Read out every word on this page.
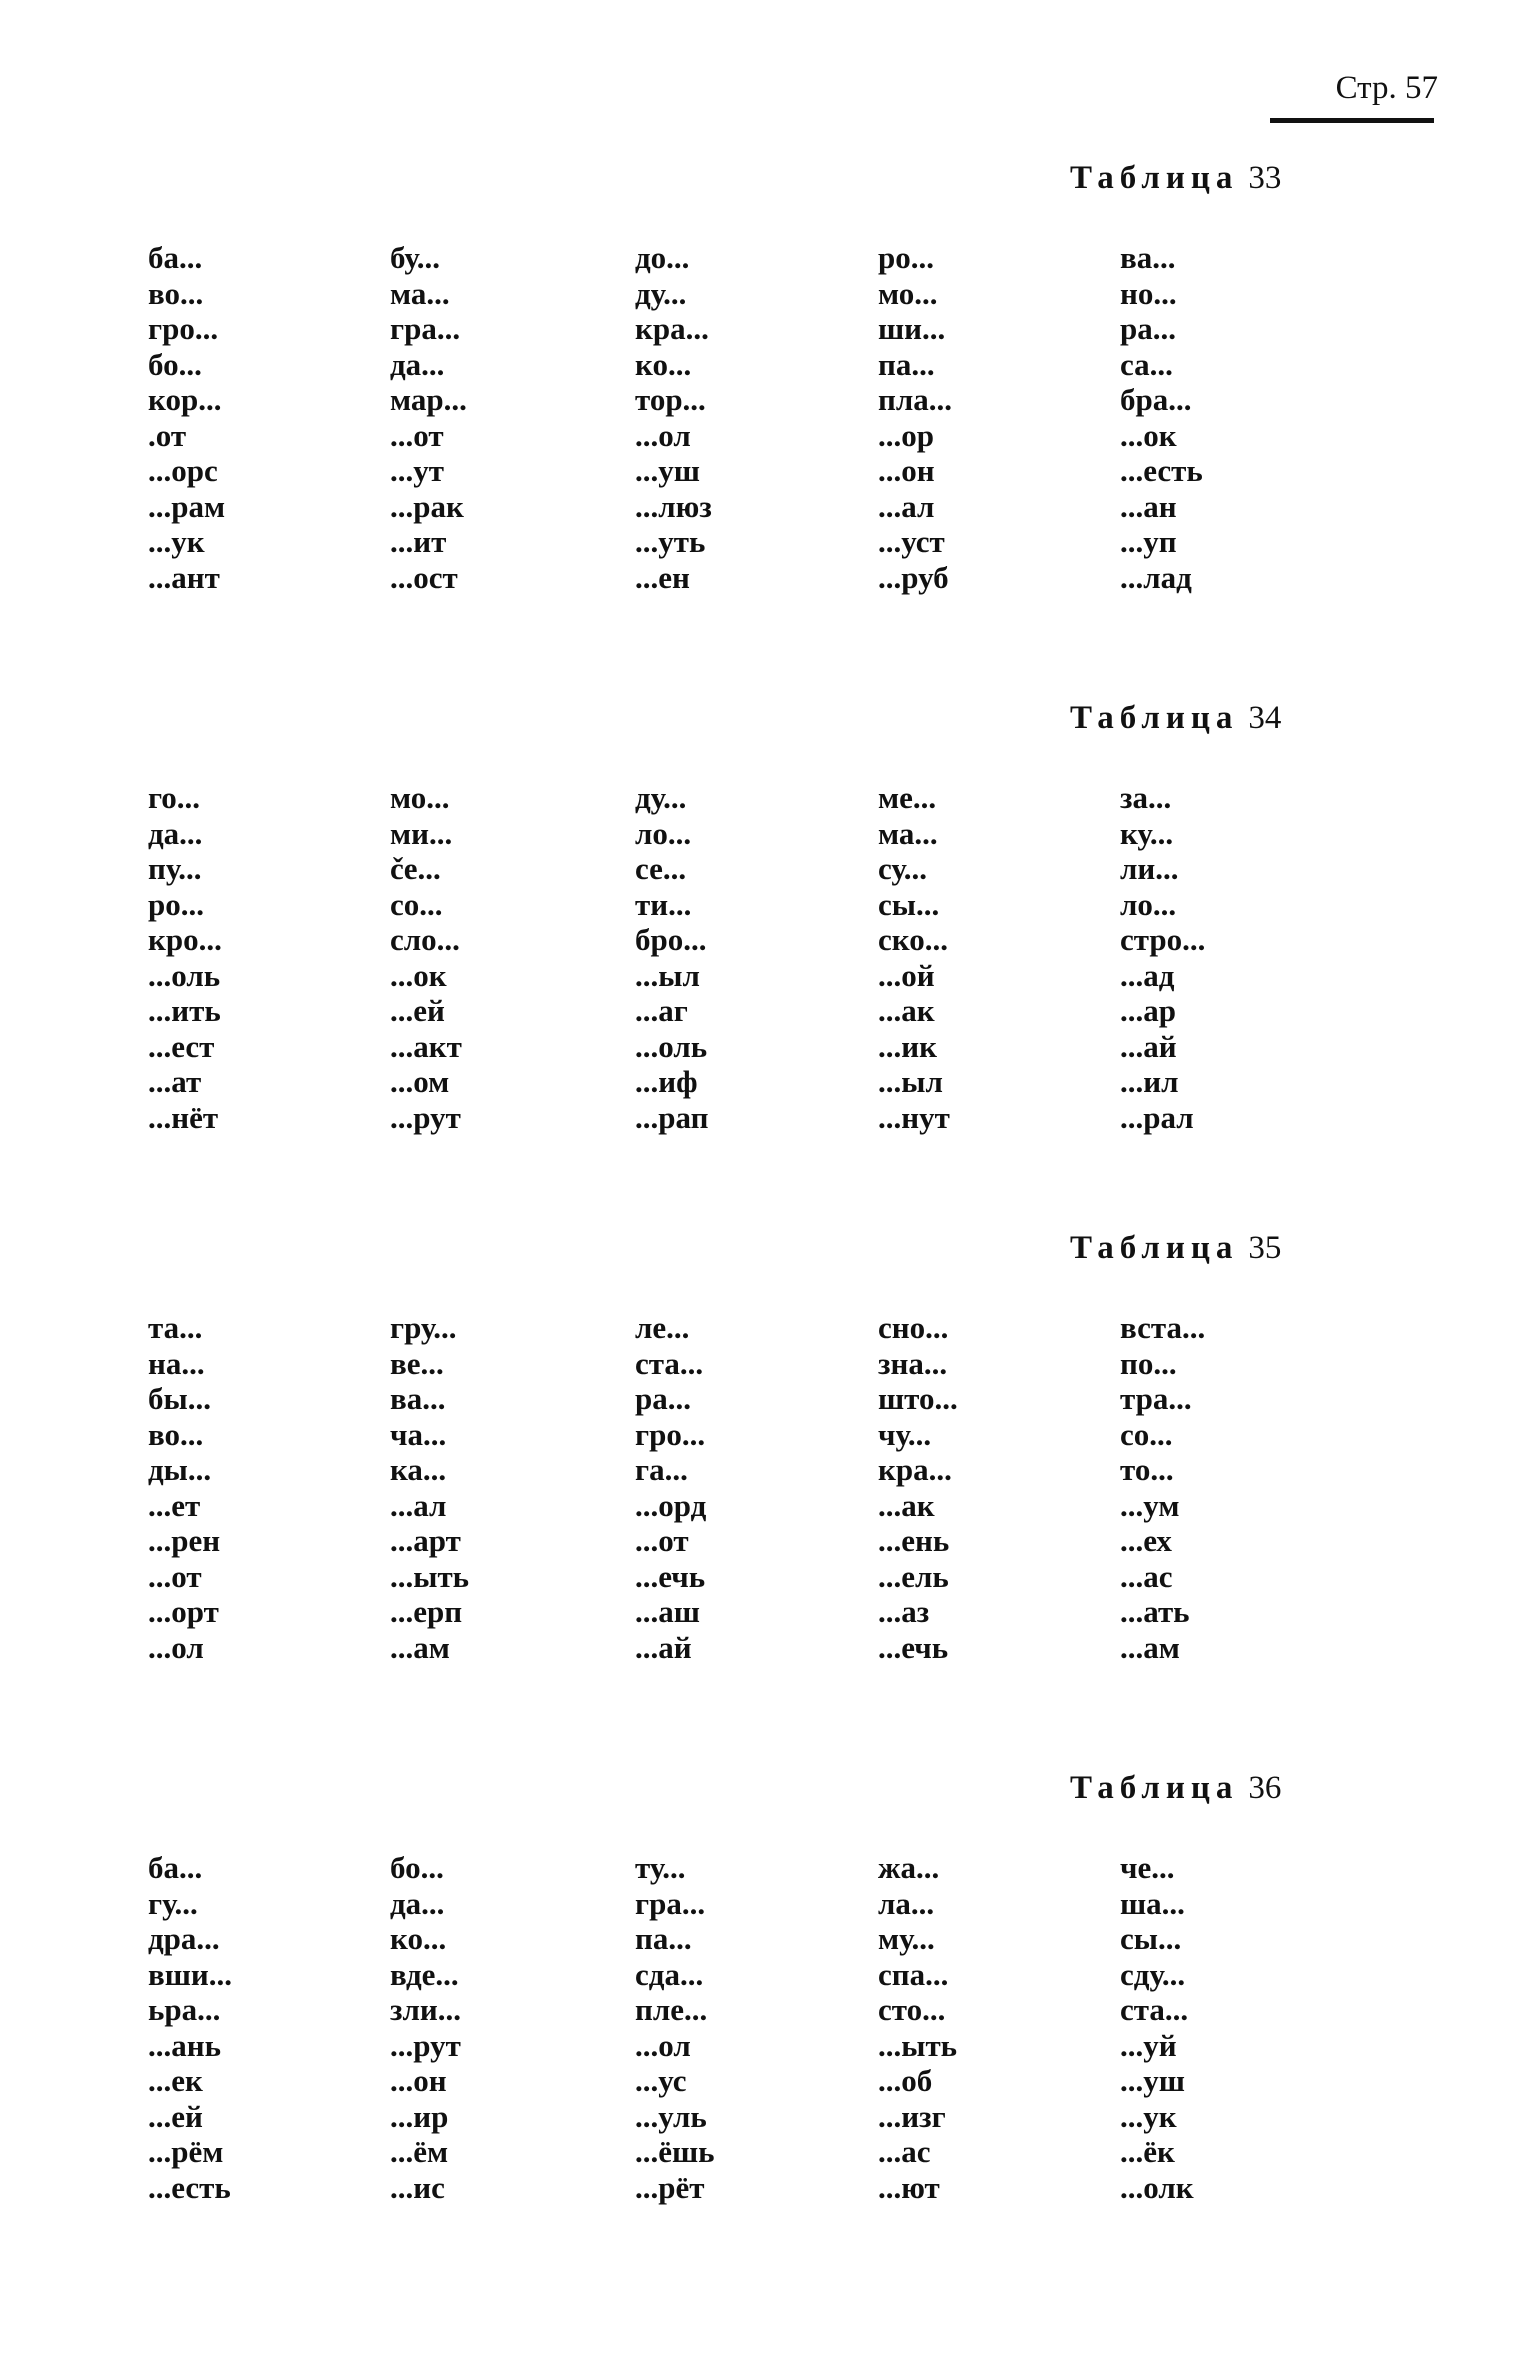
Стр. 57
Таблица 33
ба...
во...
гро...
бо...
кор...
.от
...орс
...рам
...ук
...ант
бу...
ма...
гра...
да...
мар...
...от
...ут
...рак
...ит
...ост
до...
ду...
кра...
ко...
тор...
...ол
...уш
...люз
...уть
...ен
ро...
мо...
ши...
па...
пла...
...ор
...он
...ал
...уст
...руб
ва...
но...
ра...
са...
бра...
...ок
...есть
...ан
...уп
...лад
Таблица 34
го...
да...
пу...
ро...
кро...
...оль
...ить
...ест
...ат
...нёт
мо...
ми...
če...
со...
сло...
...ок
...ей
...акт
...ом
...рут
ду...
ло...
се...
ти...
бро...
...ыл
...аг
...оль
...иф
...рап
ме...
ма...
су...
сы...
ско...
...ой
...ак
...ик
...ыл
...нут
за...
ку...
ли...
ло...
стро...
...ад
...ар
...ай
...ил
...рал
Таблица 35
та...
на...
бы...
во...
ды...
...ет
...рен
...от
...орт
...ол
гру...
ве...
ва...
ча...
ка...
...ал
...арт
...ыть
...ерп
...ам
ле...
ста...
ра...
гро...
га...
...орд
...от
...ечь
...аш
...ай
сно...
зна...
што...
чу...
кра...
...ак
...ень
...ель
...аз
...ечь
вста...
по...
тра...
со...
то...
...ум
...ех
...ас
...ать
...ам
Таблица 36
ба...
гу...
дра...
вши...
ьра...
...ань
...ек
...ей
...рём
...есть
бо...
да...
ко...
вде...
зли...
...рут
...он
...ир
...ём
...ис
ту...
гра...
па...
сда...
пле...
...ол
...ус
...уль
...ёшь
...рёт
жа...
ла...
му...
спа...
сто...
...ыть
...об
...изг
...ас
...ют
че...
ша...
сы...
сду...
ста...
...уй
...уш
...ук
...ёк
...олк
